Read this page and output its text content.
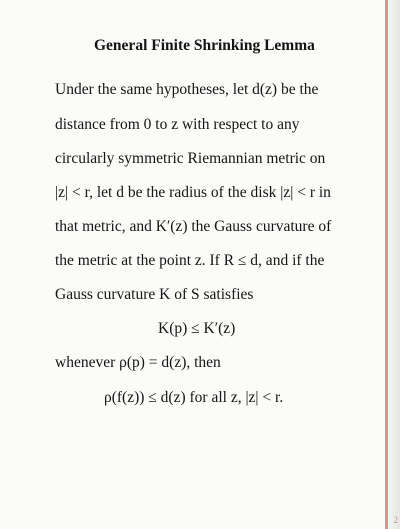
General Finite Shrinking Lemma
Under the same hypotheses, let d(z) be the
distance from 0 to z with respect to any
circularly symmetric Riemannian metric on
|z| < r, let d be the radius of the disk |z| < r in
that metric, and K′(z) the Gauss curvature of
the metric at the point z. If R ≤ d, and if the
Gauss curvature K of S satisfies
K(p) ≤ K′(z)
whenever ρ(p) = d(z), then
ρ(f(z)) ≤ d(z) for all z, |z| < r.
2
